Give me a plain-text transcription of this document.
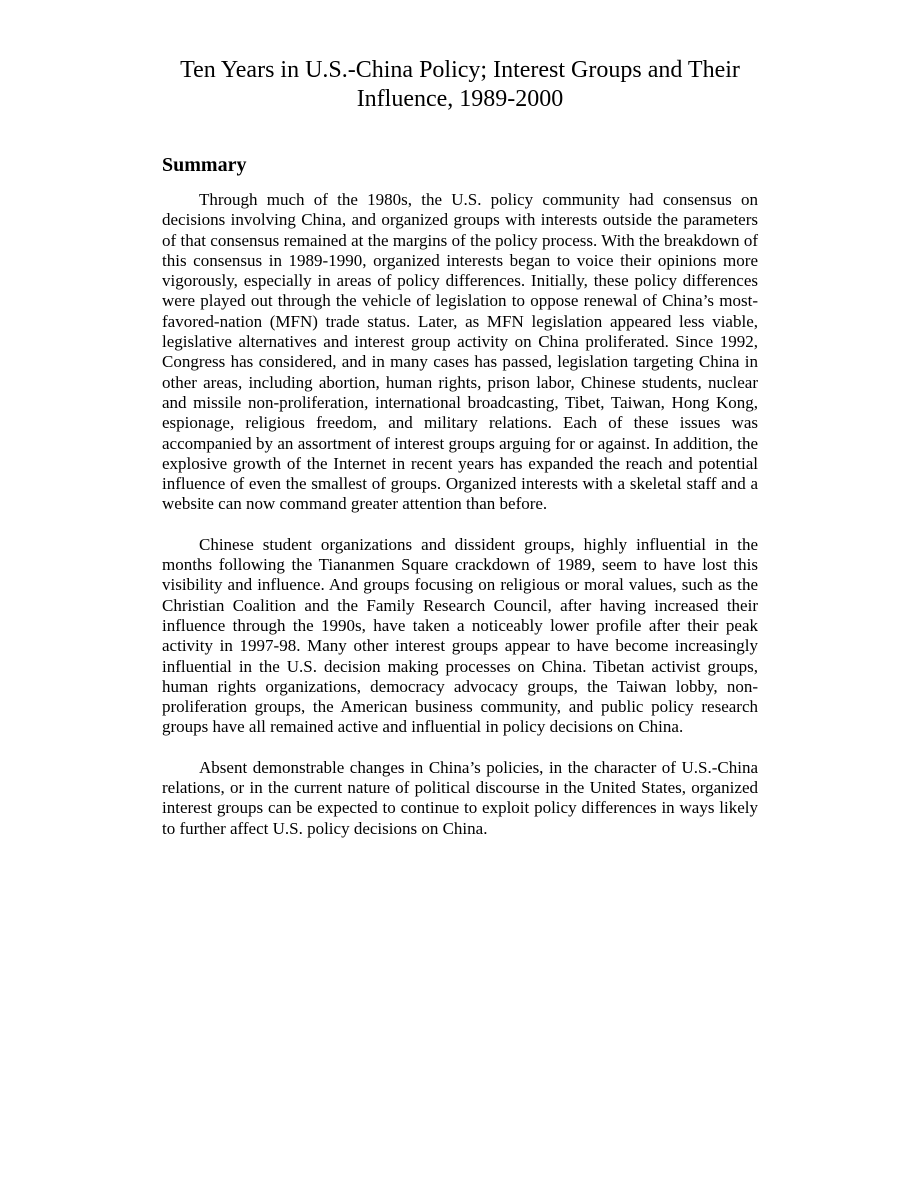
Ten Years in U.S.-China Policy; Interest Groups and Their Influence, 1989-2000
Summary

Through much of the 1980s, the U.S. policy community had consensus on decisions involving China, and organized groups with interests outside the parameters of that consensus remained at the margins of the policy process. With the breakdown of this consensus in 1989-1990, organized interests began to voice their opinions more vigorously, especially in areas of policy differences. Initially, these policy differences were played out through the vehicle of legislation to oppose renewal of China’s most-favored-nation (MFN) trade status. Later, as MFN legislation appeared less viable, legislative alternatives and interest group activity on China proliferated. Since 1992, Congress has considered, and in many cases has passed, legislation targeting China in other areas, including abortion, human rights, prison labor, Chinese students, nuclear and missile non-proliferation, international broadcasting, Tibet, Taiwan, Hong Kong, espionage, religious freedom, and military relations. Each of these issues was accompanied by an assortment of interest groups arguing for or against. In addition, the explosive growth of the Internet in recent years has expanded the reach and potential influence of even the smallest of groups. Organized interests with a skeletal staff and a website can now command greater attention than before.

Chinese student organizations and dissident groups, highly influential in the months following the Tiananmen Square crackdown of 1989, seem to have lost this visibility and influence. And groups focusing on religious or moral values, such as the Christian Coalition and the Family Research Council, after having increased their influence through the 1990s, have taken a noticeably lower profile after their peak activity in 1997-98. Many other interest groups appear to have become increasingly influential in the U.S. decision making processes on China. Tibetan activist groups, human rights organizations, democracy advocacy groups, the Taiwan lobby, non-proliferation groups, the American business community, and public policy research groups have all remained active and influential in policy decisions on China.

Absent demonstrable changes in China’s policies, in the character of U.S.-China relations, or in the current nature of political discourse in the United States, organized interest groups can be expected to continue to exploit policy differences in ways likely to further affect U.S. policy decisions on China.
